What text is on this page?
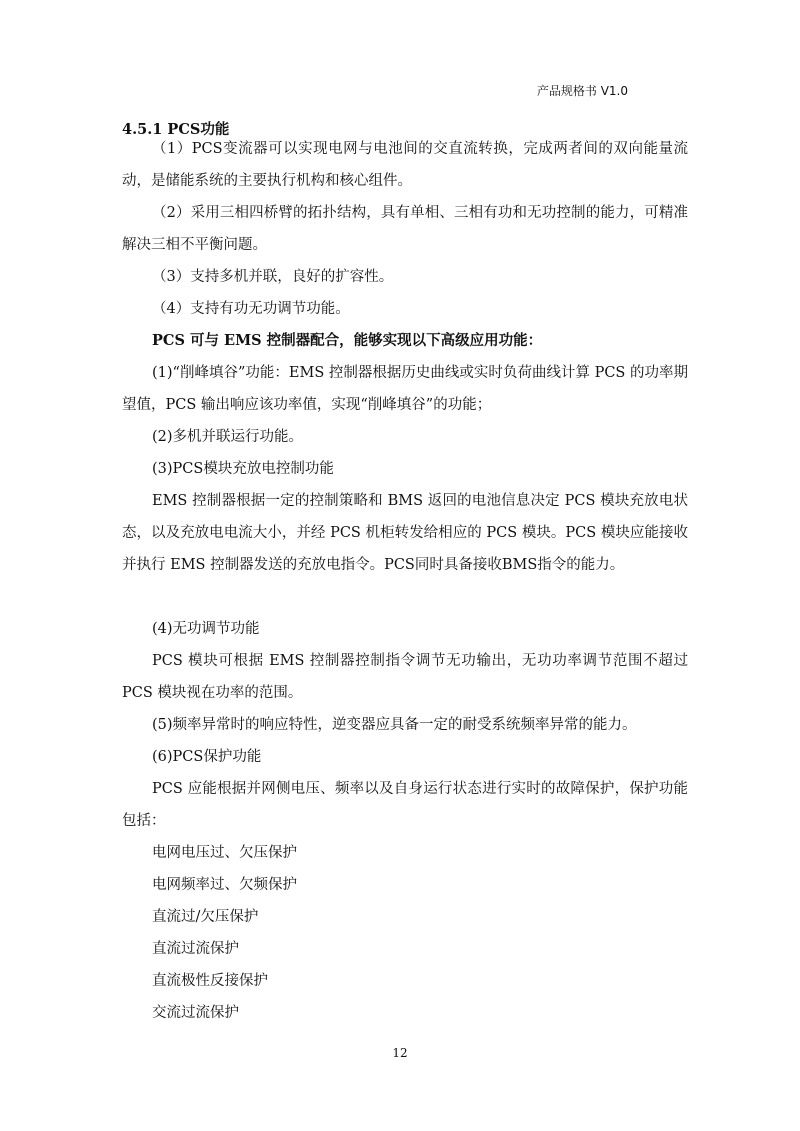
产品规格书 V1.0
4.5.1 PCS功能
（1）PCS变流器可以实现电网与电池间的交直流转换，完成两者间的双向能量流动，是储能系统的主要执行机构和核心组件。
（2）采用三相四桥臂的拓扑结构，具有单相、三相有功和无功控制的能力，可精准解决三相不平衡问题。
（3）支持多机并联，良好的扩容性。
（4）支持有功无功调节功能。
PCS 可与 EMS 控制器配合，能够实现以下高级应用功能：
(1)“削峰填谷”功能：EMS 控制器根据历史曲线或实时负荷曲线计算 PCS 的功率期望值，PCS 输出响应该功率值，实现“削峰填谷”的功能；
(2)多机并联运行功能。
(3)PCS模块充放电控制功能
EMS 控制器根据一定的控制策略和 BMS 返回的电池信息决定 PCS 模块充放电状态，以及充放电电流大小，并经 PCS 机柜转发给相应的 PCS 模块。PCS 模块应能接收并执行 EMS 控制器发送的充放电指令。PCS同时具备接收BMS指令的能力。
(4)无功调节功能
PCS 模块可根据 EMS 控制器控制指令调节无功输出，无功功率调节范围不超过 PCS 模块视在功率的范围。
(5)频率异常时的响应特性，逆变器应具备一定的耐受系统频率异常的能力。
(6)PCS保护功能
PCS 应能根据并网侧电压、频率以及自身运行状态进行实时的故障保护，保护功能包括：
电网电压过、欠压保护
电网频率过、欠频保护
直流过/欠压保护
直流过流保护
直流极性反接保护
交流过流保护
12
